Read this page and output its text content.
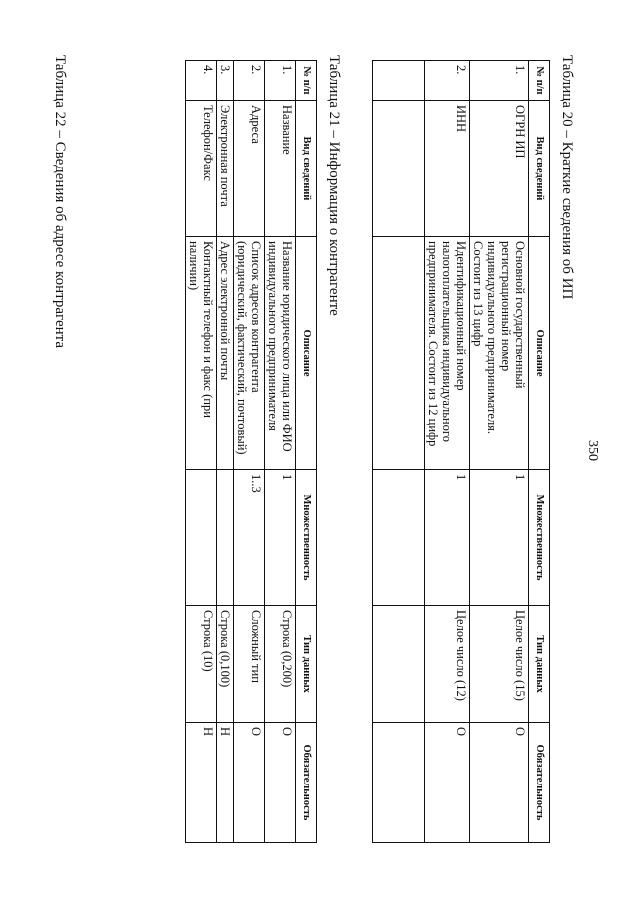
350
Таблица 20 – Краткие сведения об ИП
№ п/п	Вид сведений	Описание	Множественность	Тип данных	Обязательность
1.	ОГРН ИП	Основной государственный регистрационный номер индивидуального предпринимателя. Состоит из 13 цифр	1	Целое число (15)	О
2.	ИНН	Идентификационный номер налогоплательщика индивидуального предпринимателя. Состоит из 12 цифр	1	Целое число (12)	О

Таблица 21 – Информация о контрагенте
№ п/п	Вид сведений	Описание	Множественность	Тип данных	Обязательность
1.	Название	Название юридического лица или ФИО индивидуального предпринимателя	1	Строка (0,200)	О
2.	Адреса	Список адресов контрагента (юридический, фактический, почтовый)	1..3	Сложный тип	О
3.	Электронная почта	Адрес электронной почты		Строка (0,100)	Н
4.	Телефон/Факс	Контактный телефон и факс (при наличии)		Строка (10)	Н
Таблица 22 – Сведения об адресе контрагента
